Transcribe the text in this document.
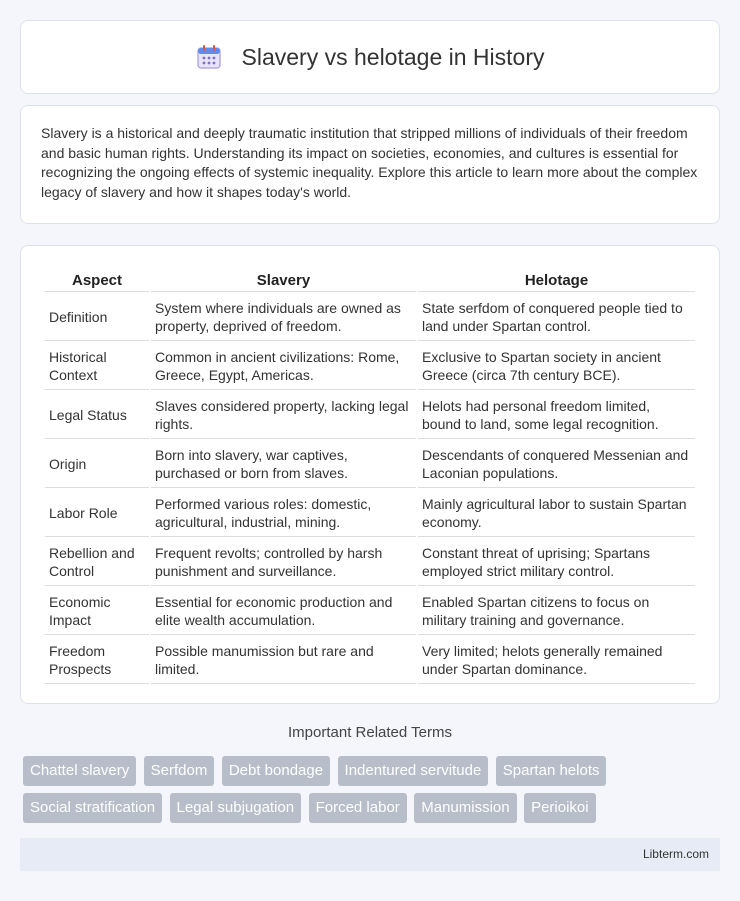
Slavery vs helotage in History

Slavery is a historical and deeply traumatic institution that stripped millions of individuals of their freedom and basic human rights. Understanding its impact on societies, economies, and cultures is essential for recognizing the ongoing effects of systemic inequality. Explore this article to learn more about the complex legacy of slavery and how it shapes today's world.

Aspect	Slavery	Helotage
Definition	System where individuals are owned as property, deprived of freedom.	State serfdom of conquered people tied to land under Spartan control.
Historical Context	Common in ancient civilizations: Rome, Greece, Egypt, Americas.	Exclusive to Spartan society in ancient Greece (circa 7th century BCE).
Legal Status	Slaves considered property, lacking legal rights.	Helots had personal freedom limited, bound to land, some legal recognition.
Origin	Born into slavery, war captives, purchased or born from slaves.	Descendants of conquered Messenian and Laconian populations.
Labor Role	Performed various roles: domestic, agricultural, industrial, mining.	Mainly agricultural labor to sustain Spartan economy.
Rebellion and Control	Frequent revolts; controlled by harsh punishment and surveillance.	Constant threat of uprising; Spartans employed strict military control.
Economic Impact	Essential for economic production and elite wealth accumulation.	Enabled Spartan citizens to focus on military training and governance.
Freedom Prospects	Possible manumission but rare and limited.	Very limited; helots generally remained under Spartan dominance.
Important Related Terms
Chattel slavery Serfdom Debt bondage Indentured servitude Spartan helots Social stratification Legal subjugation Forced labor Manumission Perioikoi
Libterm.com
